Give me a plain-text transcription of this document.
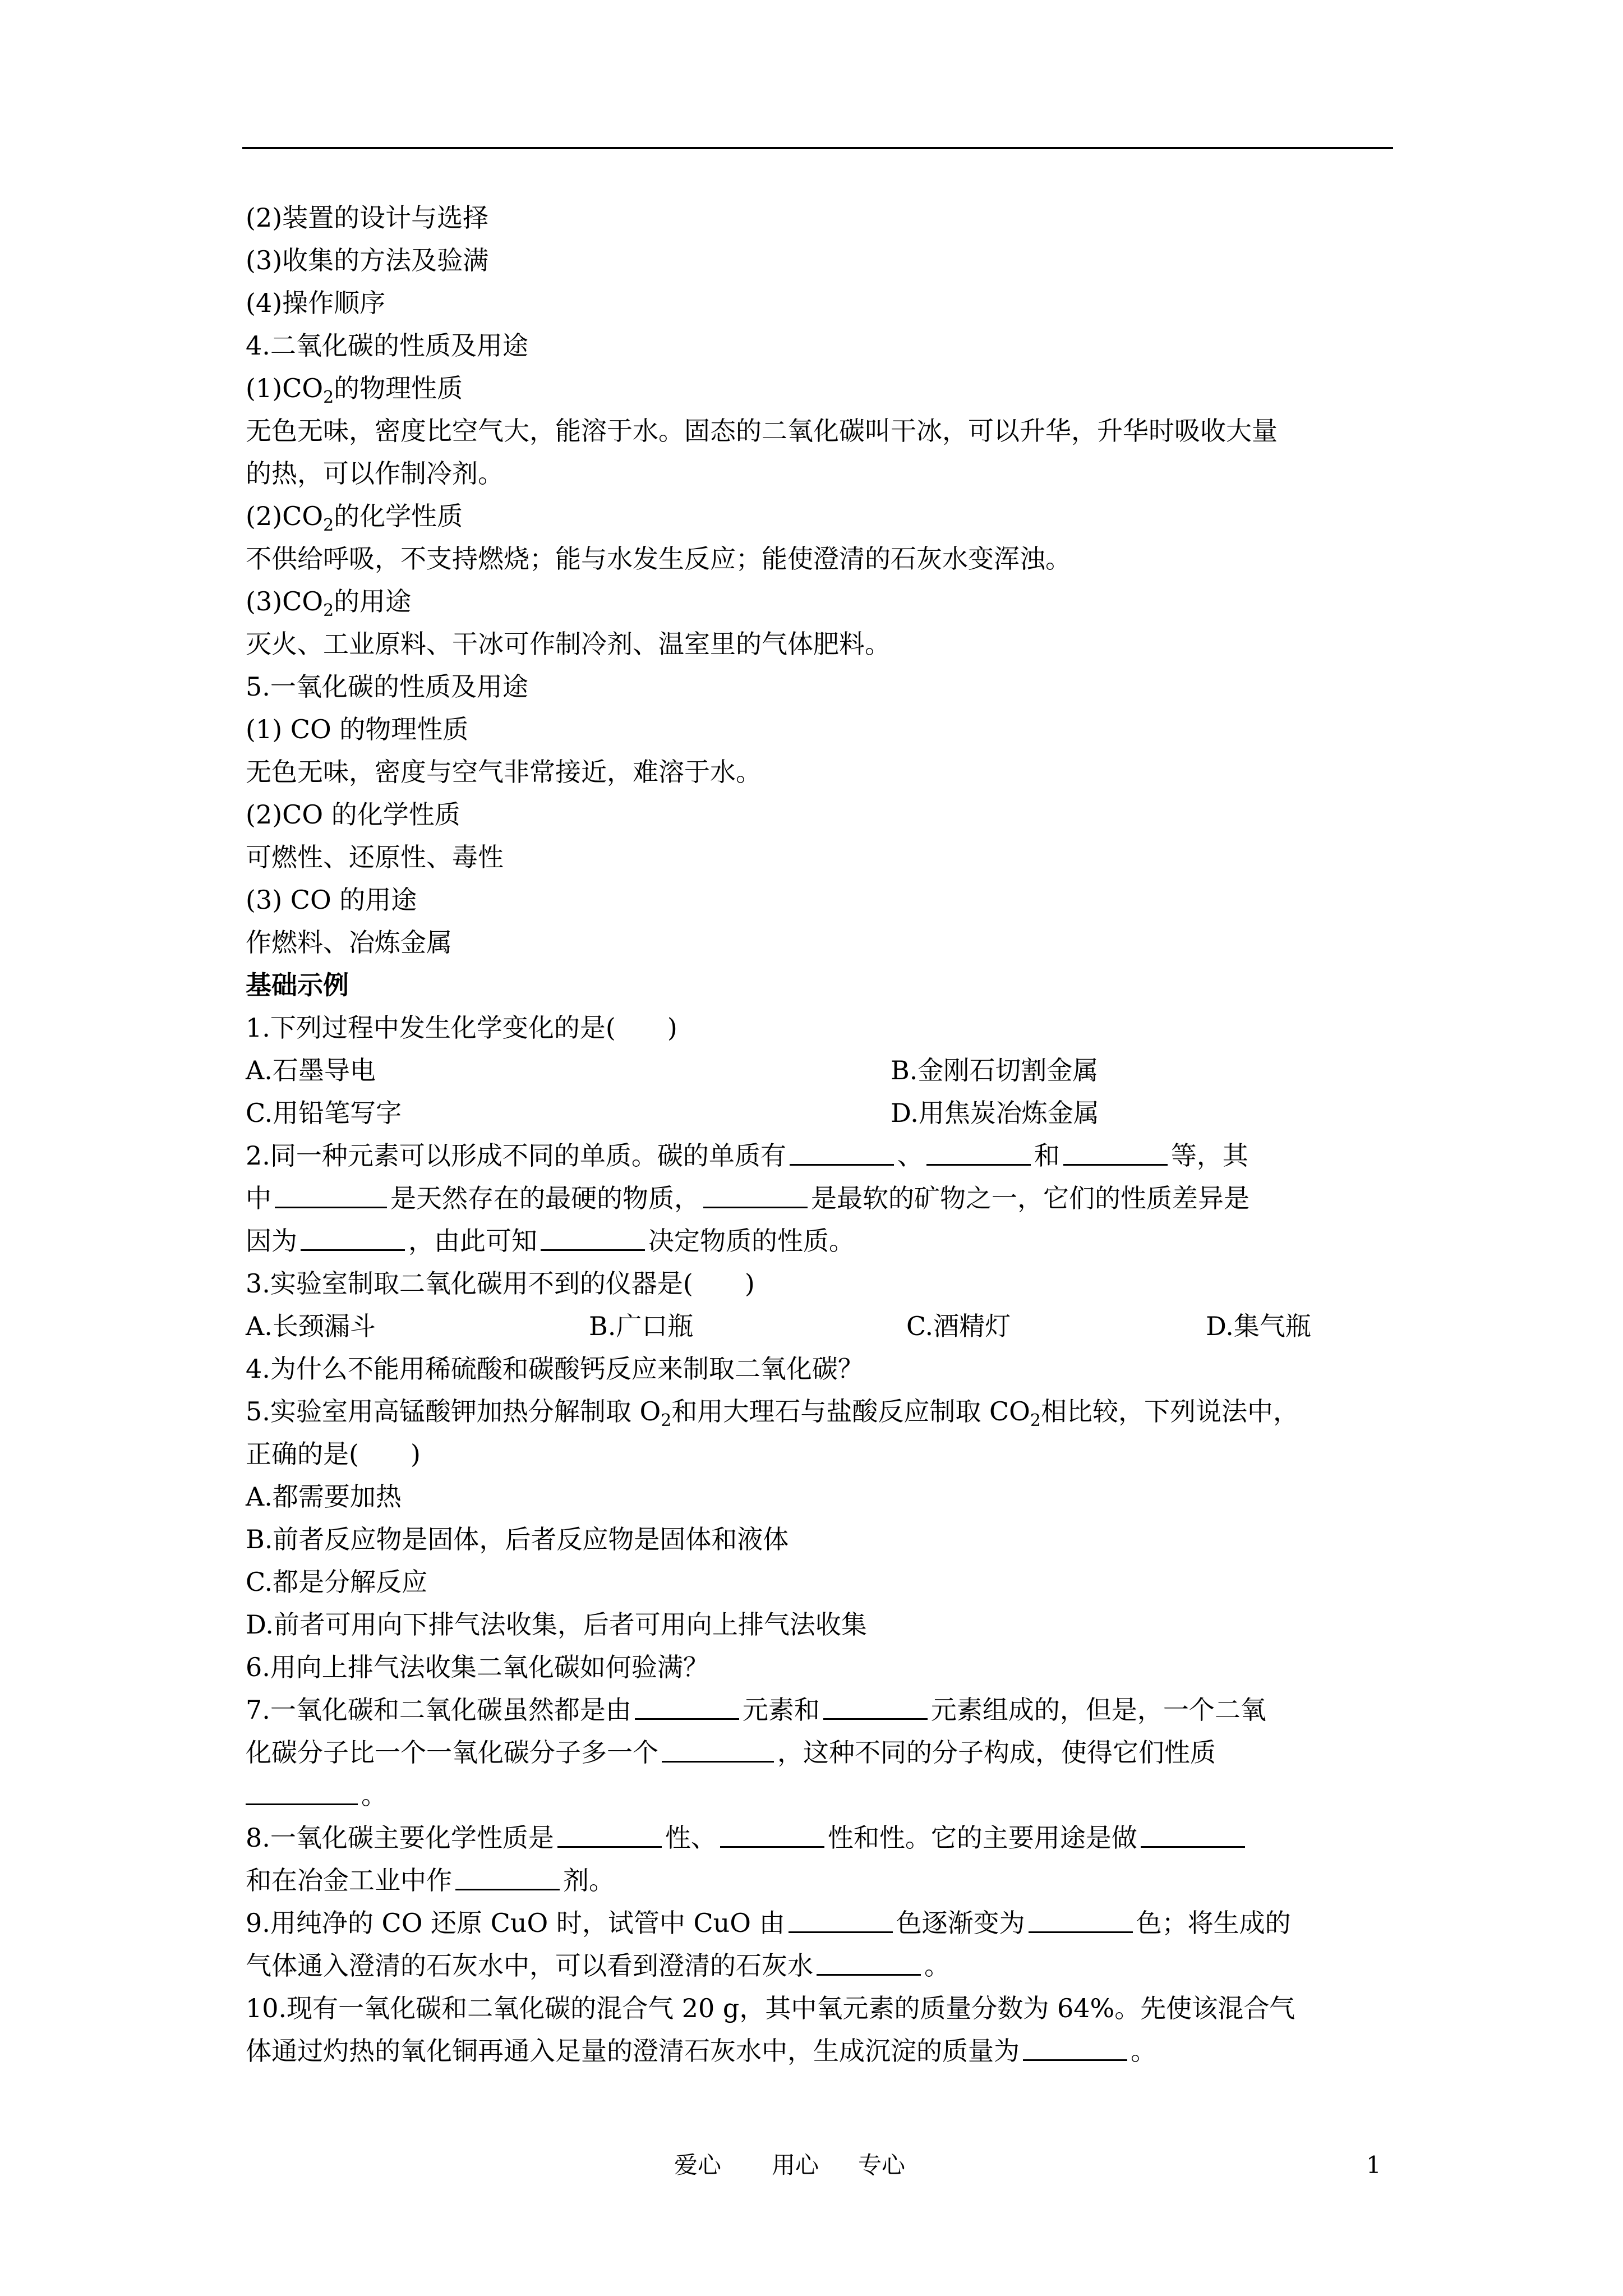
(2)装置的设计与选择
(3)收集的方法及验满
(4)操作顺序
4.二氧化碳的性质及用途
$(1)CO_2$的物理性质
无色无味，密度比空气大，能溶于水。固态的二氧化碳叫干冰，可以升华，升华时吸收大量
的热，可以作制冷剂。
$(2)CO_2$的化学性质
不供给呼吸，不支持燃烧；能与水发生反应；能使澄清的石灰水变浑浊。
$(3)CO_2$的用途
灭火、工业原料、干冰可作制冷剂、温室里的气体肥料。
5.一氧化碳的性质及用途
(1) CO 的物理性质
无色无味，密度与空气非常接近，难溶于水。
(2)CO 的化学性质
可燃性、还原性、毒性
(3) CO 的用途
作燃料、冶炼金属
基础示例
1.下列过程中发生化学变化的是(　　)
A.石墨导电	B.金刚石切割金属
C.用铅笔写字	D.用焦炭冶炼金属
2.同一种元素可以形成不同的单质。碳的单质有	、	和	等，其
中	是天然存在的最硬的物质，	是最软的矿物之一，它们的性质差异是
因为	，由此可知	决定物质的性质。
3.实验室制取二氧化碳用不到的仪器是(　　)
A.长颈漏斗	B.广口瓶	C.酒精灯	D.集气瓶
4.为什么不能用稀硫酸和碳酸钙反应来制取二氧化碳？
5.实验室用高锰酸钾加热分解制取 $O_2$和用大理石与盐酸反应制取 $CO_2$相比较，下列说法中，
正确的是(　　)
A.都需要加热
B.前者反应物是固体，后者反应物是固体和液体
C.都是分解反应
D.前者可用向下排气法收集，后者可用向上排气法收集
6.用向上排气法收集二氧化碳如何验满？
7.一氧化碳和二氧化碳虽然都是由	元素和	元素组成的，但是，一个二氧
化碳分子比一个一氧化碳分子多一个	，这种不同的分子构成，使得它们性质
。
8.一氧化碳主要化学性质是	性、	性和性。它的主要用途是做
和在冶金工业中作	剂。
9.用纯净的 CO 还原 CuO 时，试管中 CuO 由	色逐渐变为	色；将生成的
气体通入澄清的石灰水中，可以看到澄清的石灰水	。
10.现有一氧化碳和二氧化碳的混合气 20 g，其中氧元素的质量分数为 64%。先使该混合气
体通过灼热的氧化铜再通入足量的澄清石灰水中，生成沉淀的质量为	。
爱心 用心 专心	1
